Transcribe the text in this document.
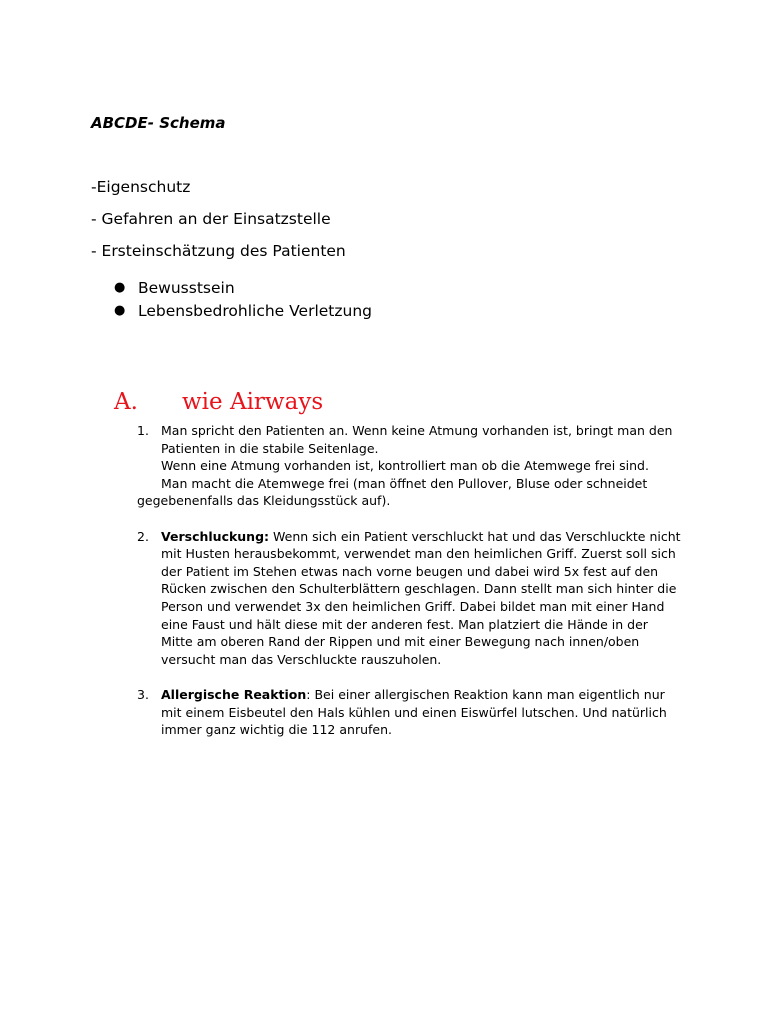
ABCDE- Schema
-Eigenschutz
- Gefahren an der Einsatzstelle
- Ersteinschätzung des Patienten
● Bewusstsein
● Lebensbedrohliche Verletzung
A.	wie Airways
1. Man spricht den Patienten an. Wenn keine Atmung vorhanden ist, bringt man den Patienten in die stabile Seitenlage.
Wenn eine Atmung vorhanden ist, kontrolliert man ob die Atemwege frei sind.
Man macht die Atemwege frei (man öffnet den Pullover, Bluse oder schneidet
gegebenenfalls das Kleidungsstück auf).
2. Verschluckung: Wenn sich ein Patient verschluckt hat und das Verschluckte nicht mit Husten herausbekommt, verwendet man den heimlichen Griff. Zuerst soll sich der Patient im Stehen etwas nach vorne beugen und dabei wird 5x fest auf den Rücken zwischen den Schulterblättern geschlagen. Dann stellt man sich hinter die Person und verwendet 3x den heimlichen Griff. Dabei bildet man mit einer Hand eine Faust und hält diese mit der anderen fest. Man platziert die Hände in der Mitte am oberen Rand der Rippen und mit einer Bewegung nach innen/oben versucht man das Verschluckte rauszuholen.
3. Allergische Reaktion: Bei einer allergischen Reaktion kann man eigentlich nur mit einem Eisbeutel den Hals kühlen und einen Eiswürfel lutschen. Und natürlich immer ganz wichtig die 112 anrufen.
